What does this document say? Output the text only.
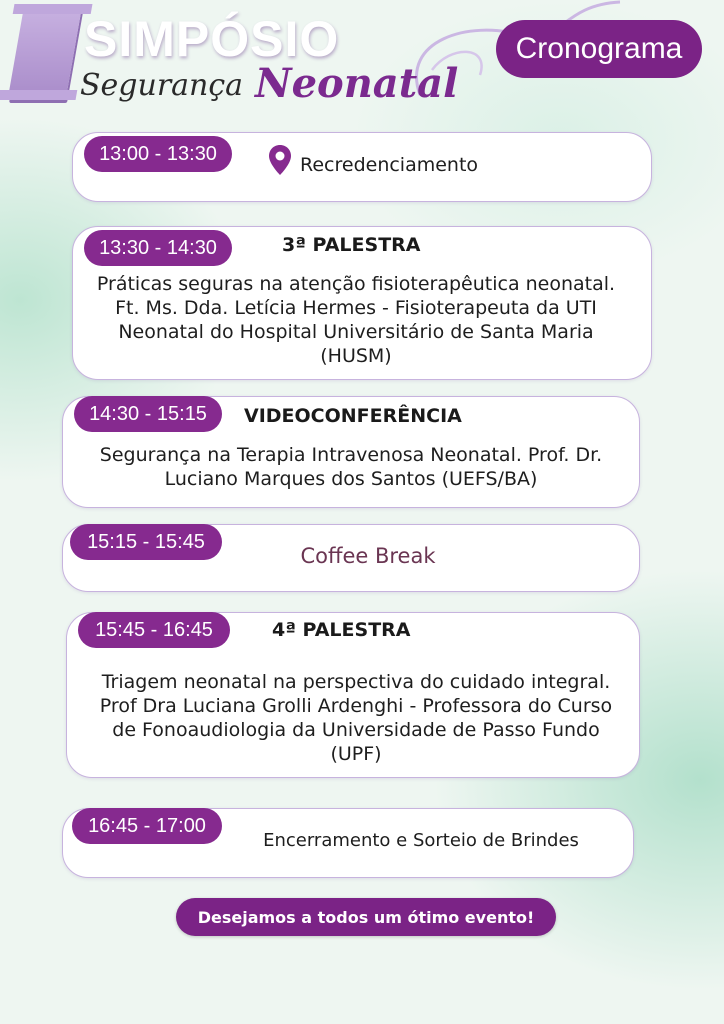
SIMPÓSIO
Segurança Neonatal
Cronograma
13:00 - 13:30
Recredenciamento
13:30 - 14:30	3ª PALESTRA
Práticas seguras na atenção fisioterapêutica neonatal. Ft. Ms. Dda. Letícia Hermes - Fisioterapeuta da UTI Neonatal do Hospital Universitário de Santa Maria (HUSM)
14:30 - 15:15	VIDEOCONFERÊNCIA
Segurança na Terapia Intravenosa Neonatal. Prof. Dr. Luciano Marques dos Santos (UEFS/BA)
15:15 - 15:45
Coffee Break
15:45 - 16:45	4ª PALESTRA
Triagem neonatal na perspectiva do cuidado integral. Prof Dra Luciana Grolli Ardenghi - Professora do Curso de Fonoaudiologia da Universidade de Passo Fundo (UPF)
16:45 - 17:00
Encerramento e Sorteio de Brindes
Desejamos a todos um ótimo evento!
